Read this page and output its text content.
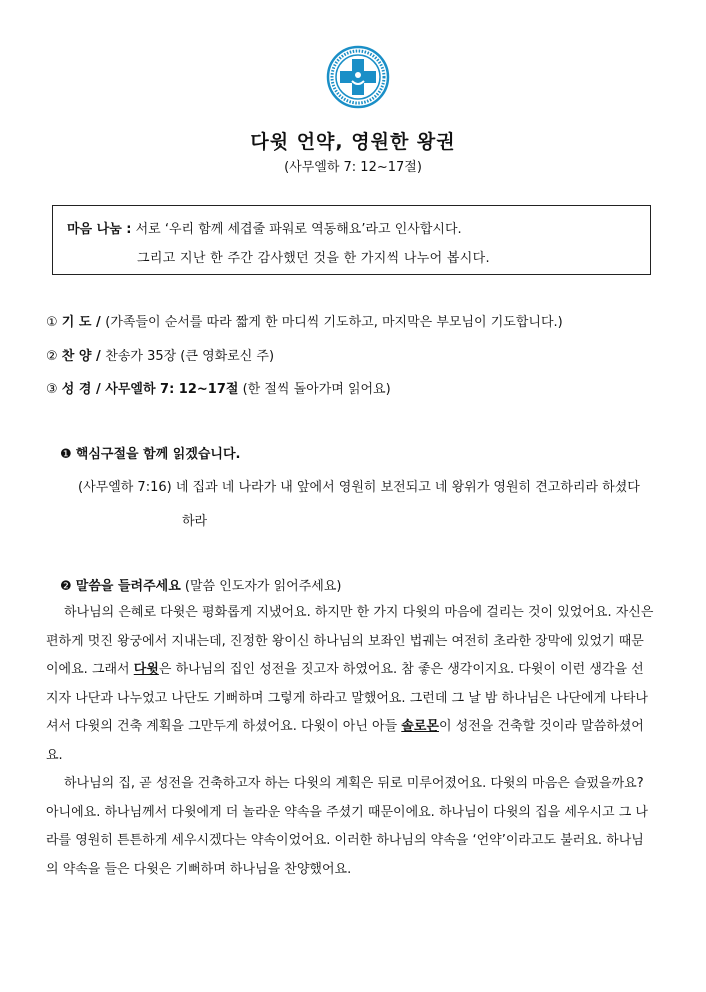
다윗 언약, 영원한 왕권
(사무엘하 7: 12~17절)
마음 나눔 : 서로 ‘우리 함께 세겹줄 파워로 역동해요’라고 인사합시다.
그리고 지난 한 주간 감사했던 것을 한 가지씩 나누어 봅시다.
① 기 도 / (가족들이 순서를 따라 짧게 한 마디씩 기도하고, 마지막은 부모님이 기도합니다.)
② 찬 양 / 찬송가 35장 (큰 영화로신 주)
③ 성 경 / 사무엘하 7: 12~17절 (한 절씩 돌아가며 읽어요)
❶ 핵심구절을 함께 읽겠습니다.
(사무엘하 7:16) 네 집과 네 나라가 내 앞에서 영원히 보전되고 네 왕위가 영원히 견고하리라 하셨다
하라
❷ 말씀을 들려주세요 (말씀 인도자가 읽어주세요)
하나님의 은혜로 다윗은 평화롭게 지냈어요. 하지만 한 가지 다윗의 마음에 걸리는 것이 있었어요. 자신은 편하게 멋진 왕궁에서 지내는데, 진정한 왕이신 하나님의 보좌인 법궤는 여전히 초라한 장막에 있었기 때문이에요. 그래서 다윗은 하나님의 집인 성전을 짓고자 하였어요. 참 좋은 생각이지요. 다윗이 이런 생각을 선지자 나단과 나누었고 나단도 기뻐하며 그렇게 하라고 말했어요. 그런데 그 날 밤 하나님은 나단에게 나타나셔서 다윗의 건축 계획을 그만두게 하셨어요. 다윗이 아닌 아들 솔로몬이 성전을 건축할 것이라 말씀하셨어요.
하나님의 집, 곧 성전을 건축하고자 하는 다윗의 계획은 뒤로 미루어졌어요. 다윗의 마음은 슬펐을까요? 아니에요. 하나님께서 다윗에게 더 놀라운 약속을 주셨기 때문이에요. 하나님이 다윗의 집을 세우시고 그 나라를 영원히 튼튼하게 세우시겠다는 약속이었어요. 이러한 하나님의 약속을 ‘언약’이라고도 불러요. 하나님의 약속을 들은 다윗은 기뻐하며 하나님을 찬양했어요.
